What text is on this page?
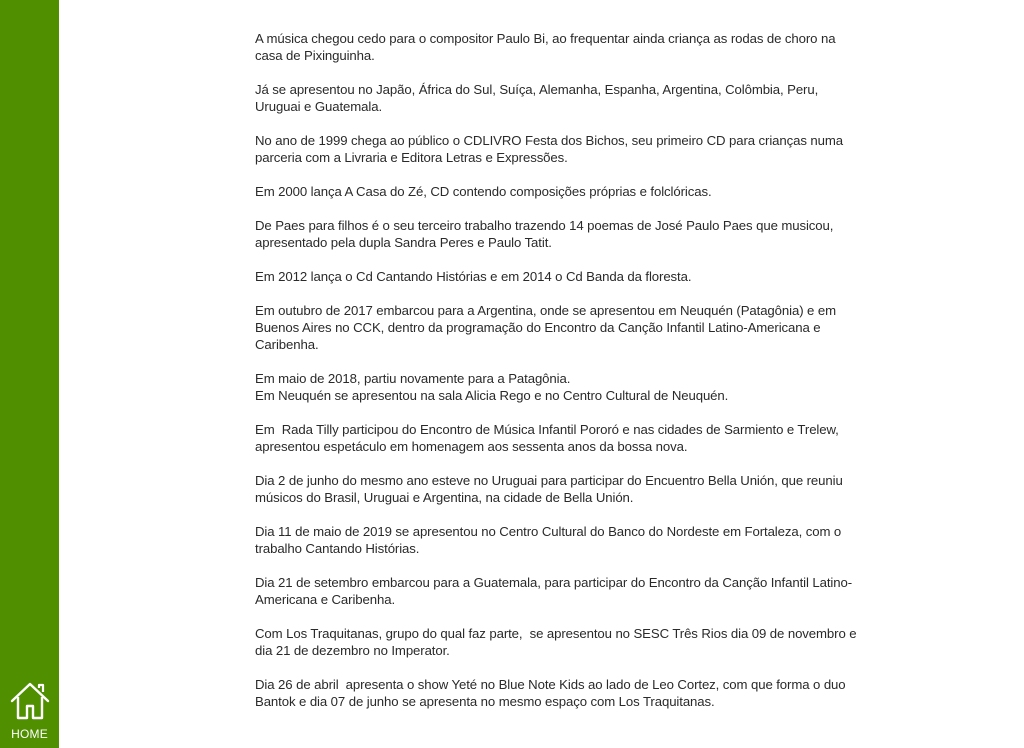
HOME

A música chegou cedo para o compositor Paulo Bi, ao frequentar ainda criança as rodas de choro na casa de Pixinguinha.

Já se apresentou no Japão, África do Sul, Suíça, Alemanha, Espanha, Argentina, Colômbia, Peru, Uruguai e Guatemala.

No ano de 1999 chega ao público o CDLIVRO Festa dos Bichos, seu primeiro CD para crianças numa parceria com a Livraria e Editora Letras e Expressões.

Em 2000 lança A Casa do Zé, CD contendo composições próprias e folclóricas.

De Paes para filhos é o seu terceiro trabalho trazendo 14 poemas de José Paulo Paes que musicou, apresentado pela dupla Sandra Peres e Paulo Tatit.

Em 2012 lança o Cd Cantando Histórias e em 2014 o Cd Banda da floresta.

Em outubro de 2017 embarcou para a Argentina, onde se apresentou em Neuquén (Patagônia) e em Buenos Aires no CCK, dentro da programação do Encontro da Canção Infantil Latino-Americana e Caribenha.

Em maio de 2018, partiu novamente para a Patagônia.
Em Neuquén se apresentou na sala Alicia Rego e no Centro Cultural de Neuquén.

Em  Rada Tilly participou do Encontro de Música Infantil Pororó e nas cidades de Sarmiento e Trelew, apresentou espetáculo em homenagem aos sessenta anos da bossa nova.

Dia 2 de junho do mesmo ano esteve no Uruguai para participar do Encuentro Bella Unión, que reuniu músicos do Brasil, Uruguai e Argentina, na cidade de Bella Unión.

Dia 11 de maio de 2019 se apresentou no Centro Cultural do Banco do Nordeste em Fortaleza, com o trabalho Cantando Histórias.

Dia 21 de setembro embarcou para a Guatemala, para participar do Encontro da Canção Infantil Latino-Americana e Caribenha.

Com Los Traquitanas, grupo do qual faz parte,  se apresentou no SESC Três Rios dia 09 de novembro e dia 21 de dezembro no Imperator.

Dia 26 de abril  apresenta o show Yeté no Blue Note Kids ao lado de Leo Cortez, com que forma o duo Bantok e dia 07 de junho se apresenta no mesmo espaço com Los Traquitanas.
